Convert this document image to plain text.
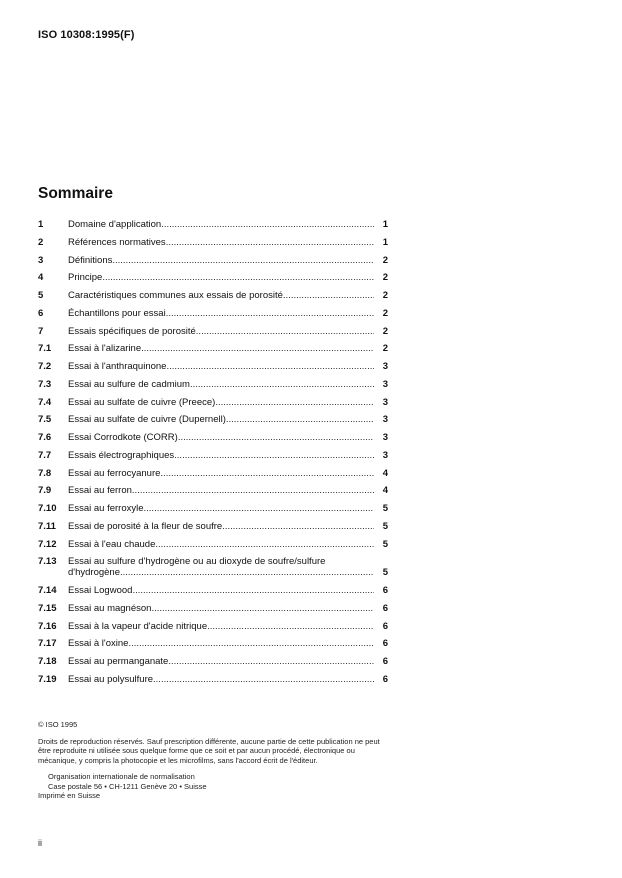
ISO 10308:1995(F)
Sommaire
1	Domaine d'application .....	1
2	Références normatives .....	1
3	Définitions .....	2
4	Principe .....	2
5	Caractéristiques communes aux essais de porosité .....	2
6	Échantillons pour essai .....	2
7	Essais spécifiques de porosité .....	2
7.1	Essai à l'alizarine .....	2
7.2	Essai à l'anthraquinone .....	3
7.3	Essai au sulfure de cadmium .....	3
7.4	Essai au sulfate de cuivre (Preece) .....	3
7.5	Essai au sulfate de cuivre (Dupernell) .....	3
7.6	Essai Corrodkote (CORR) .....	3
7.7	Essais électrographiques .....	3
7.8	Essai au ferrocyanure .....	4
7.9	Essai au ferron .....	4
7.10	Essai au ferroxyle .....	5
7.11	Essai de porosité à la fleur de soufre .....	5
7.12	Essai à l'eau chaude .....	5
7.13	Essai au sulfure d'hydrogène ou au dioxyde de soufre/sulfure
d'hydrogène .....	5
7.14	Essai Logwood .....	6
7.15	Essai au magnéson .....	6
7.16	Essai à la vapeur d'acide nitrique .....	6
7.17	Essai à l'oxine .....	6
7.18	Essai au permanganate .....	6
7.19	Essai au polysulfure .....	6

© ISO 1995

Droits de reproduction réservés. Sauf prescription différente, aucune partie de cette publication ne peut être reproduite ni utilisée sous quelque forme que ce soit et par aucun procédé, électronique ou mécanique, y compris la photocopie et les microfilms, sans l'accord écrit de l'éditeur.

Organisation internationale de normalisation

Case postale 56 • CH-1211 Genève 20 • Suisse

Imprimé en Suisse

ii
